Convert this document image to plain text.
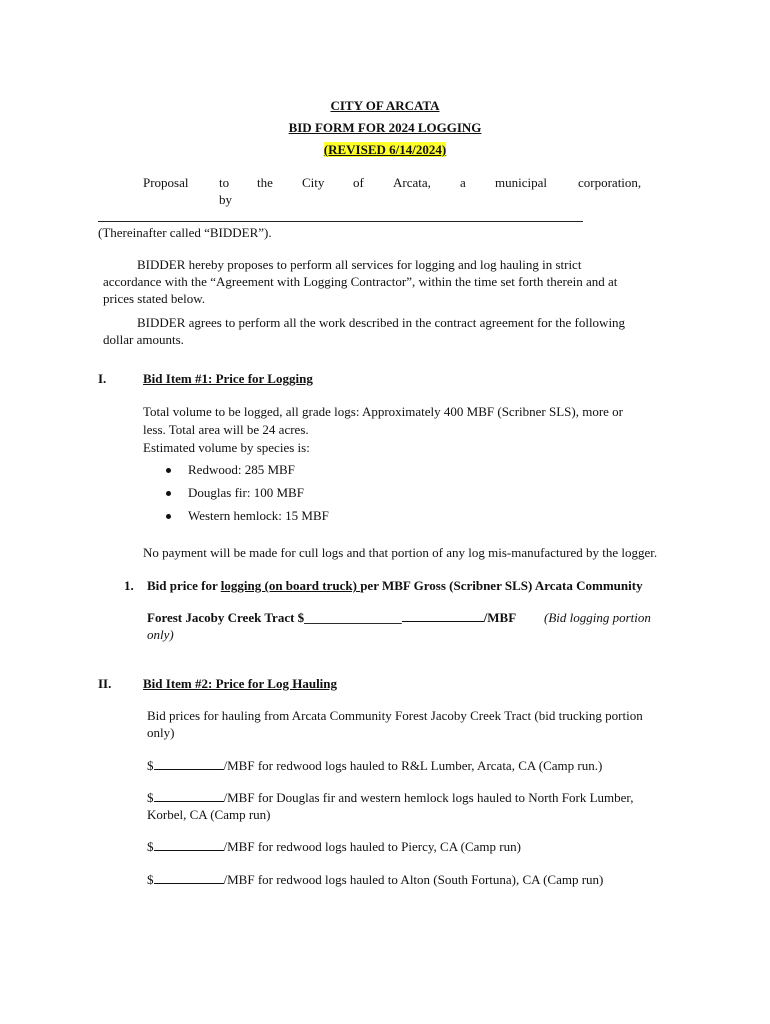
CITY OF ARCATA
BID FORM FOR 2024 LOGGING
(REVISED 6/14/2024)
Proposal to the City of Arcata, a municipal corporation,
by
(Thereinafter called “BIDDER”).
BIDDER hereby proposes to perform all services for logging and log hauling in strict
accordance with the “Agreement with Logging Contractor”, within the time set forth therein and at
prices stated below.
BIDDER agrees to perform all the work described in the contract agreement for the following
dollar amounts.
I.	Bid Item #1: Price for Logging
Total volume to be logged, all grade logs: Approximately 400 MBF (Scribner SLS), more or
less. Total area will be 24 acres.
Estimated volume by species is:
Redwood: 285 MBF
Douglas fir: 100 MBF
Western hemlock: 15 MBF
No payment will be made for cull logs and that portion of any log mis-manufactured by the logger.
1. Bid price for logging (on board truck) per MBF Gross (Scribner SLS) Arcata Community
Forest Jacoby Creek Tract $_______________	/MBF (Bid logging portion
only)
II. Bid Item #2: Price for Log Hauling
Bid prices for hauling from Arcata Community Forest Jacoby Creek Tract (bid trucking portion
only)
$	/MBF for redwood logs hauled to R&L Lumber, Arcata, CA (Camp run.)
$	/MBF for Douglas fir and western hemlock logs hauled to North Fork Lumber,
Korbel, CA (Camp run)
$	/MBF for redwood logs hauled to Piercy, CA (Camp run)
$	/MBF for redwood logs hauled to Alton (South Fortuna), CA (Camp run)
